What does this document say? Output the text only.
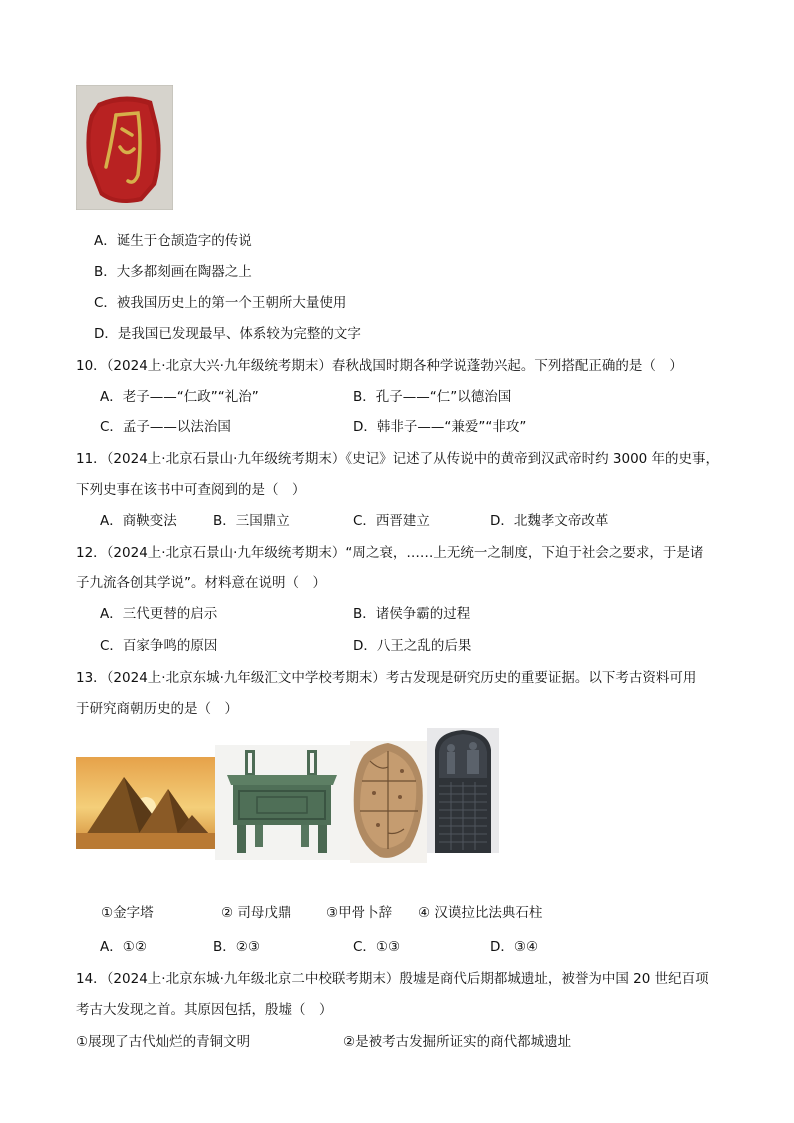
A．诞生于仓颉造字的传说
B．大多都刻画在陶器之上
C．被我国历史上的第一个王朝所大量使用
D．是我国已发现最早、体系较为完整的文字
10．（2024上·北京大兴·九年级统考期末）春秋战国时期各种学说蓬勃兴起。下列搭配正确的是（　）
A．老子——“仁政”“礼治”	B．孔子——“仁”以德治国
C．孟子——以法治国	D．韩非子——“兼爱”“非攻”
11．（2024上·北京石景山·九年级统考期末）《史记》记述了从传说中的黄帝到汉武帝时约 3000 年的史事，
下列史事在该书中可查阅到的是（　）
A．商鞅变法	B．三国鼎立	C．西晋建立	D．北魏孝文帝改革
12．（2024上·北京石景山·九年级统考期末）“周之衰，……上无统一之制度，下迫于社会之要求，于是诸
子九流各创其学说”。材料意在说明（　）
A．三代更替的启示	B．诸侯争霸的过程
C．百家争鸣的原因	D．八王之乱的后果
13．（2024上·北京东城·九年级汇文中学校考期末）考古发现是研究历史的重要证据。以下考古资料可用
于研究商朝历史的是（　）
①金字塔	② 司母戊鼎	③甲骨卜辞 ④ 汉谟拉比法典石柱
A．①②	B．②③	C．①③	D．③④
14．（2024上·北京东城·九年级北京二中校联考期末）殷墟是商代后期都城遗址，被誉为中国 20 世纪百项
考古大发现之首。其原因包括，殷墟（　）
①展现了古代灿烂的青铜文明	②是被考古发掘所证实的商代都城遗址
